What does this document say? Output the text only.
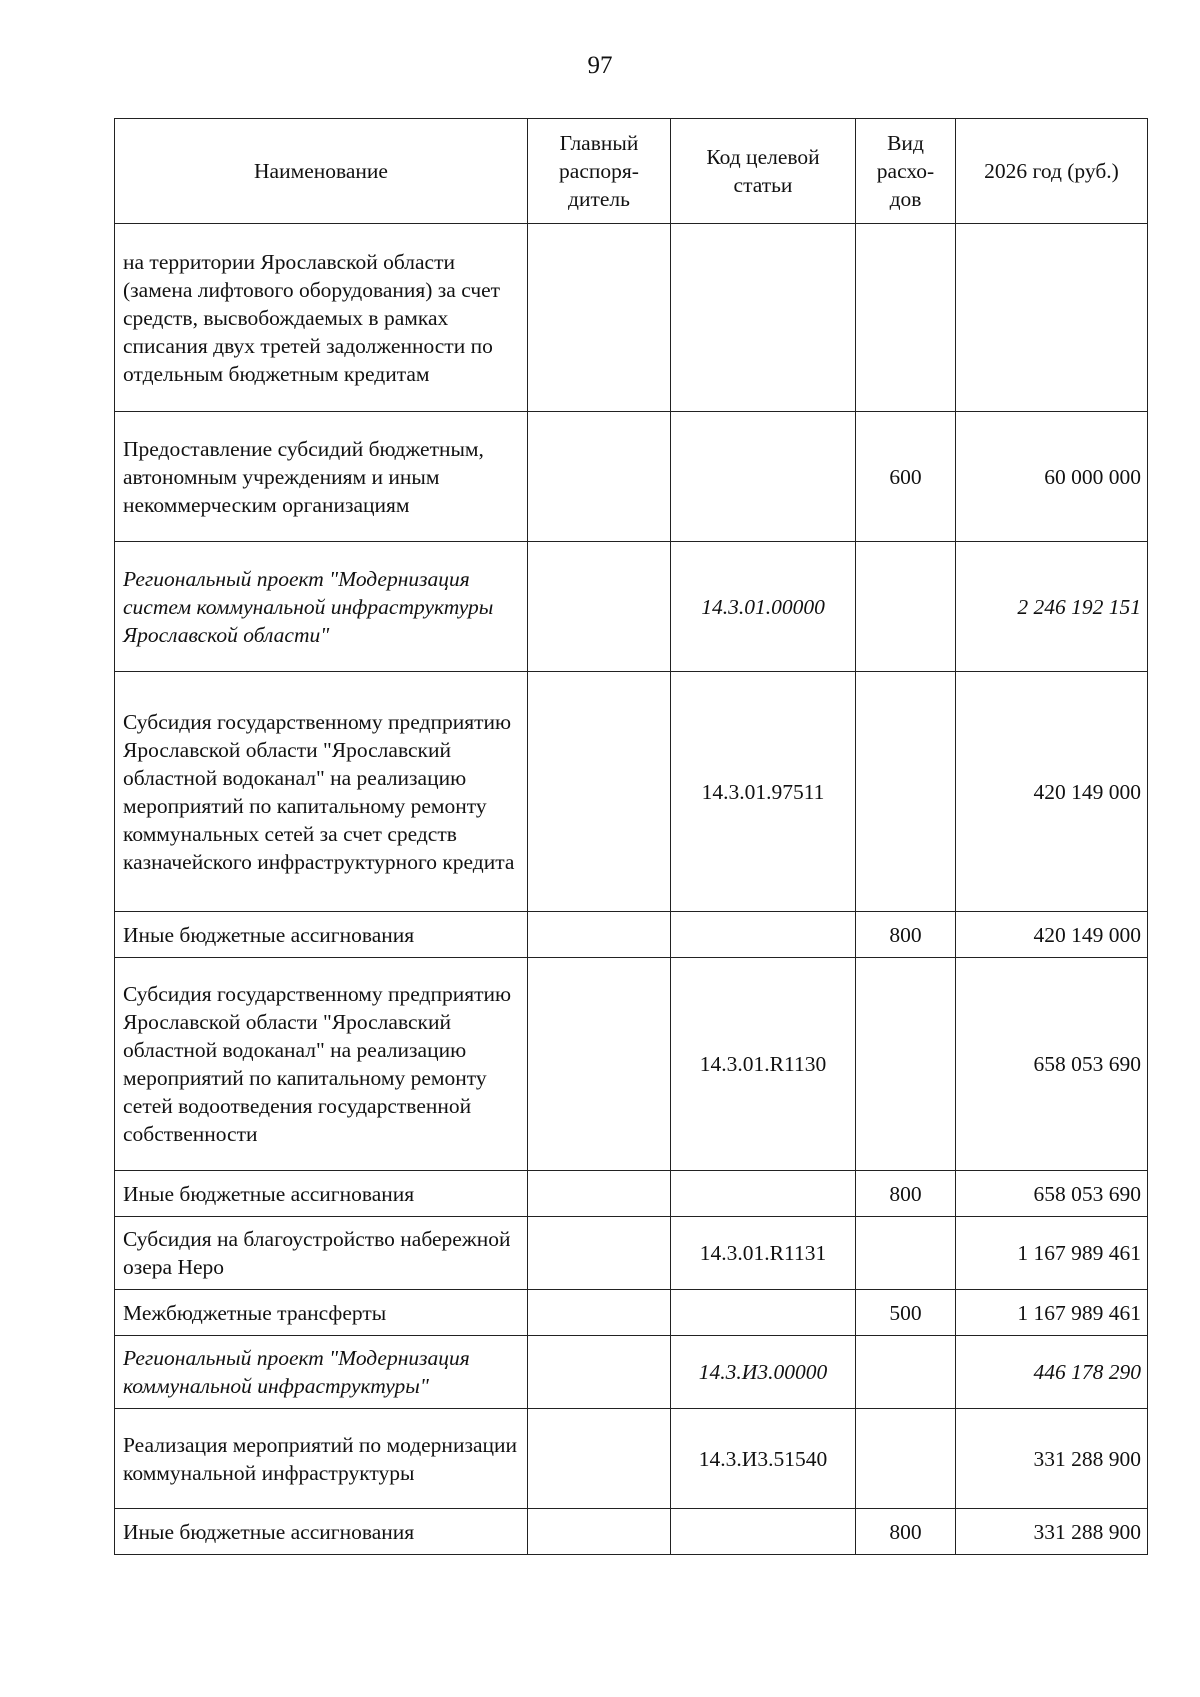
97
Наименование	Главный распоря- дитель	Код целевой статьи	Вид расхо- дов	2026 год (руб.)
на территории Ярославской области (замена лифтового оборудования) за счет средств, высвобождаемых в рамках списания двух третей задолженности по отдельным бюджетным кредитам				
Предоставление субсидий бюджетным, автономным учреждениям и иным некоммерческим организациям			600	60 000 000
Региональный проект "Модернизация систем коммунальной инфраструктуры Ярославской области"		14.3.01.00000		2 246 192 151
Субсидия государственному предприятию Ярославской области "Ярославский областной водоканал" на реализацию мероприятий по капитальному ремонту коммунальных сетей за счет средств казначейского инфраструктурного кредита		14.3.01.97511		420 149 000
Иные бюджетные ассигнования			800	420 149 000
Субсидия государственному предприятию Ярославской области "Ярославский областной водоканал" на реализацию мероприятий по капитальному ремонту сетей водоотведения государственной собственности		14.3.01.R1130		658 053 690
Иные бюджетные ассигнования			800	658 053 690
Субсидия на благоустройство набережной озера Неро		14.3.01.R1131		1 167 989 461
Межбюджетные трансферты			500	1 167 989 461
Региональный проект "Модернизация коммунальной инфраструктуры"		14.3.И3.00000		446 178 290
Реализация мероприятий по модернизации коммунальной инфраструктуры		14.3.И3.51540		331 288 900
Иные бюджетные ассигнования			800	331 288 900
